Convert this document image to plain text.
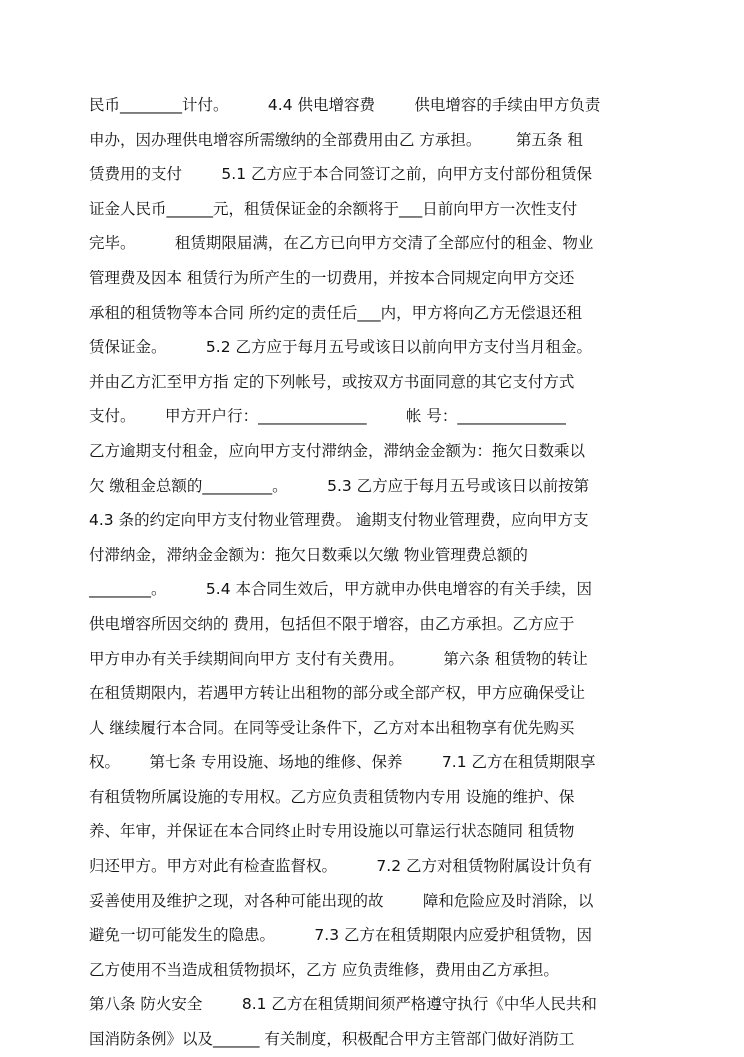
民币________计付。        4.4 供电增容费        供电增容的手续由甲方负责
申办，因办理供电增容所需缴纳的全部费用由乙 方承担。       第五条 租
赁费用的支付        5.1 乙方应于本合同签订之前，向甲方支付部份租赁保
证金人民币______元，租赁保证金的余额将于___日前向甲方一次性支付
完毕。        租赁期限届满，在乙方已向甲方交清了全部应付的租金、物业
管理费及因本 租赁行为所产生的一切费用，并按本合同规定向甲方交还
承租的租赁物等本合同 所约定的责任后___内，甲方将向乙方无偿退还租
赁保证金。        5.2 乙方应于每月五号或该日以前向甲方支付当月租金。
并由乙方汇至甲方指 定的下列帐号，或按双方书面同意的其它支付方式
支付。      甲方开户行：______________        帐 号：______________
乙方逾期支付租金，应向甲方支付滞纳金，滞纳金金额为：拖欠日数乘以
欠 缴租金总额的_________。        5.3 乙方应于每月五号或该日以前按第
4.3 条的约定向甲方支付物业管理费。 逾期支付物业管理费，应向甲方支
付滞纳金，滞纳金金额为：拖欠日数乘以欠缴 物业管理费总额的
________。        5.4 本合同生效后，甲方就申办供电增容的有关手续，因
供电增容所因交纳的 费用，包括但不限于增容，由乙方承担。乙方应于
甲方申办有关手续期间向甲方 支付有关费用。        第六条 租赁物的转让
在租赁期限内，若遇甲方转让出租物的部分或全部产权，甲方应确保受让
人 继续履行本合同。在同等受让条件下，乙方对本出租物享有优先购买
权。      第七条 专用设施、场地的维修、保养        7.1 乙方在租赁期限享
有租赁物所属设施的专用权。乙方应负责租赁物内专用 设施的维护、保
养、年审，并保证在本合同终止时专用设施以可靠运行状态随同 租赁物
归还甲方。甲方对此有检查监督权。        7.2 乙方对租赁物附属设计负有
妥善使用及维护之现，对各种可能出现的故        障和危险应及时消除，以
避免一切可能发生的隐患。        7.3 乙方在租赁期限内应爱护租赁物，因
乙方使用不当造成租赁物损坏，乙方 应负责维修，费用由乙方承担。
第八条 防火安全        8.1 乙方在租赁期间须严格遵守执行《中华人民共和
国消防条例》以及______ 有关制度，积极配合甲方主管部门做好消防工
